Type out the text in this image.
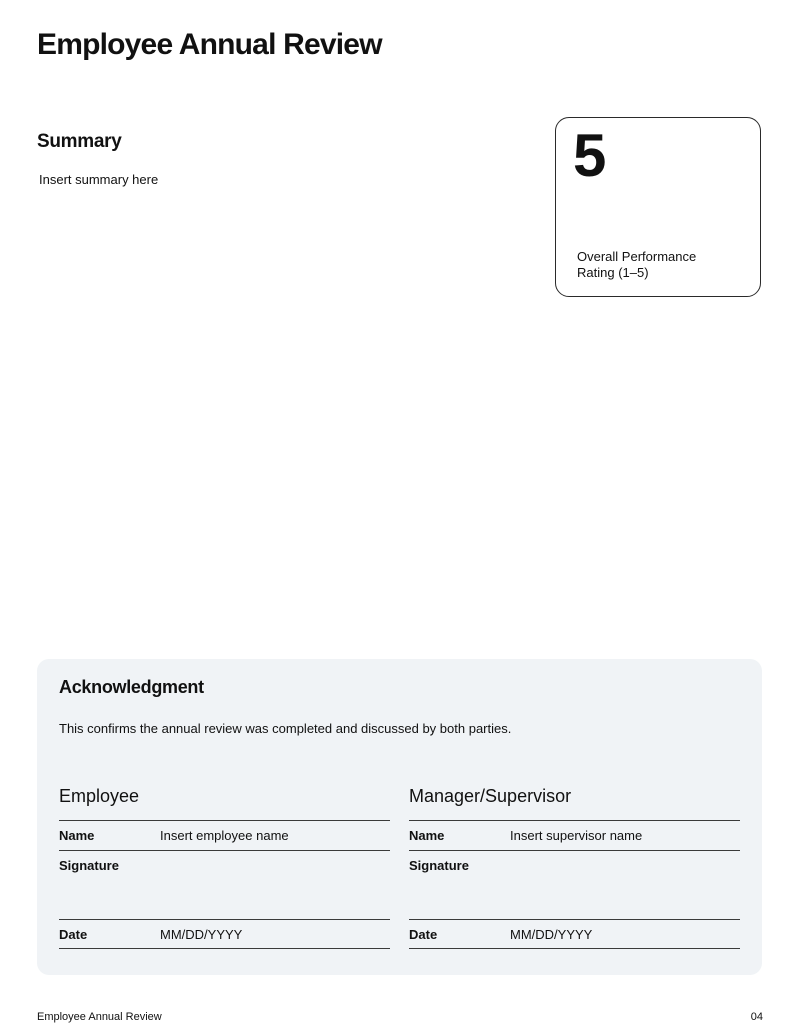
Employee Annual Review
Summary
Insert summary here	5
Overall Performance Rating (1–5)
Acknowledgment
This confirms the annual review was completed and discussed by both parties.
Employee
Name	Insert employee name
Signature
Date	MM/DD/YYYY
Manager/Supervisor
Name	Insert supervisor name
Signature
Date	MM/DD/YYYY
Employee Annual Review	04
